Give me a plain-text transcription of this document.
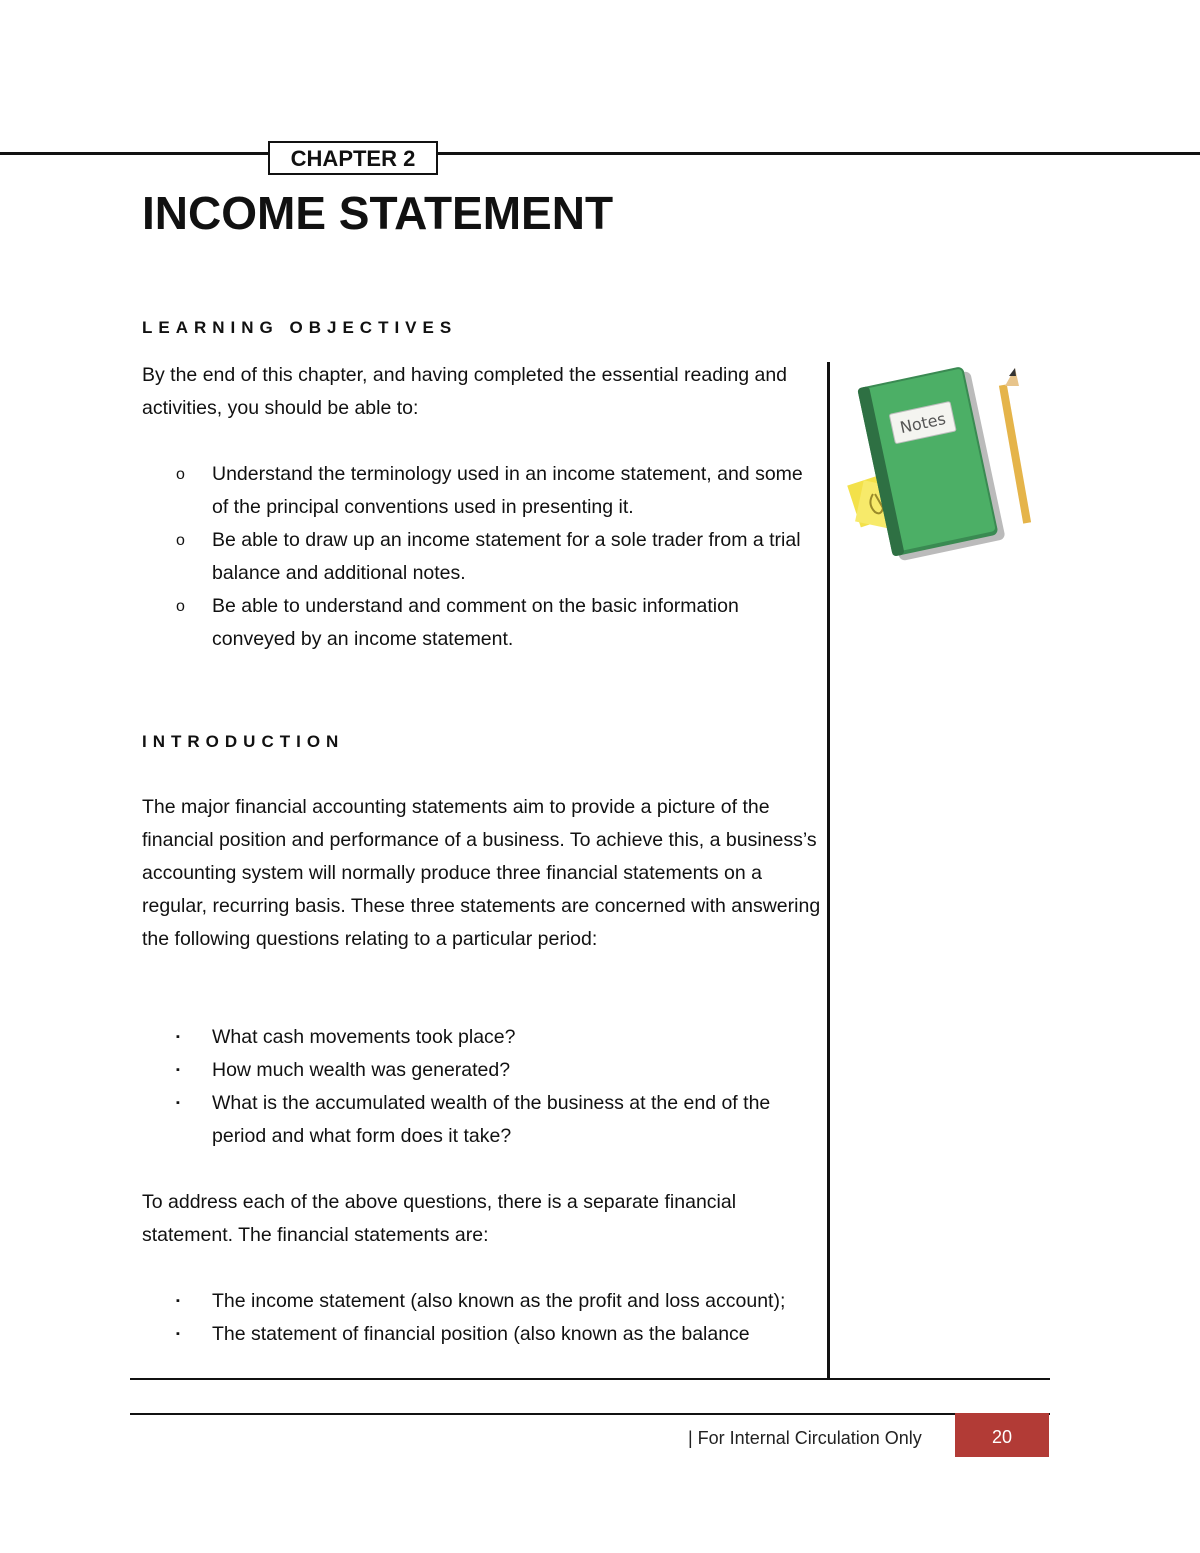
CHAPTER 2
INCOME STATEMENT
LEARNING OBJECTIVES

By the end of this chapter, and having completed the essential reading and activities, you should be able to:

o Understand the terminology used in an income statement, and some of the principal conventions used in presenting it.
o Be able to draw up an income statement for a sole trader from a trial balance and additional notes.
o Be able to understand and comment on the basic information conveyed by an income statement.
INTRODUCTION

The major financial accounting statements aim to provide a picture of the financial position and performance of a business. To achieve this, a business’s accounting system will normally produce three financial statements on a regular, recurring basis. These three statements are concerned with answering the following questions relating to a particular period:

▪ What cash movements took place?
▪ How much wealth was generated?
▪ What is the accumulated wealth of the business at the end of the period and what form does it take?

To address each of the above questions, there is a separate financial statement. The financial statements are:

▪ The income statement (also known as the profit and loss account);
▪ The statement of financial position (also known as the balance
Notes
| For Internal Circulation Only	20
